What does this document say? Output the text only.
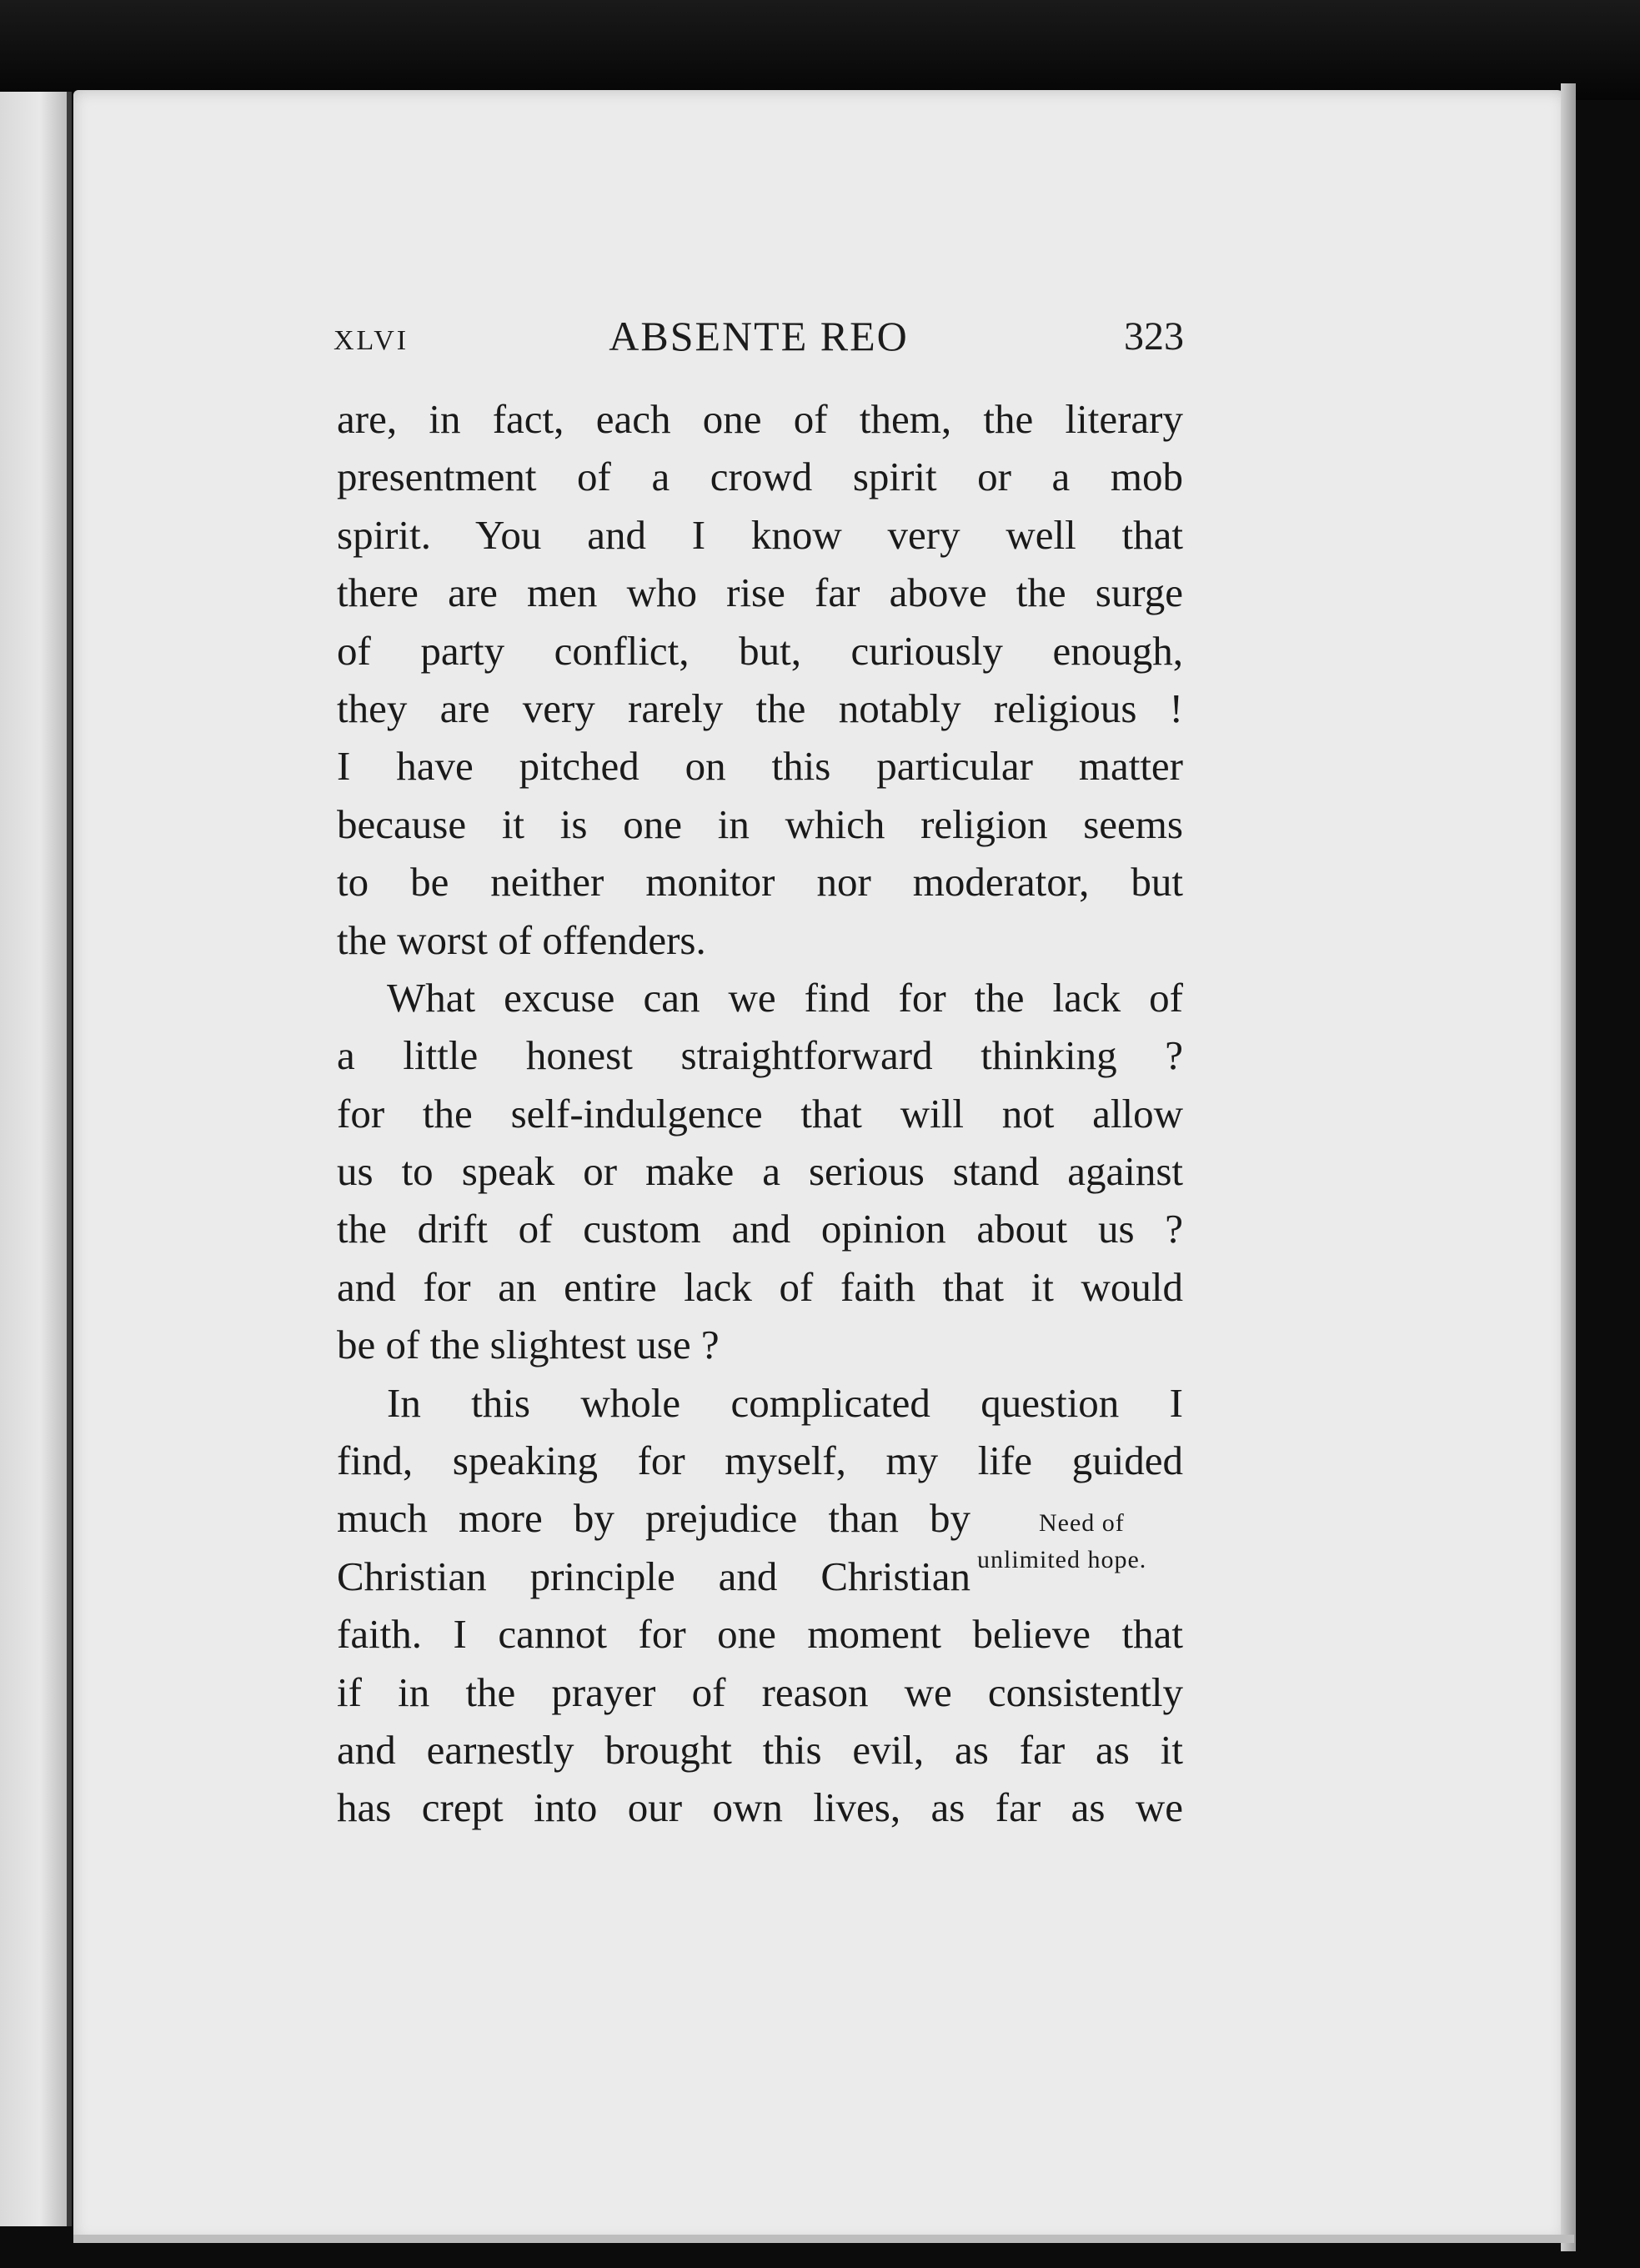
XLVI	ABSENTE REO	323
are, in fact, each one of them, the literary
presentment of a crowd spirit or a mob
spirit. You and I know very well that
there are men who rise far above the surge
of party conflict, but, curiously enough,
they are very rarely the notably religious !
I have pitched on this particular matter
because it is one in which religion seems
to be neither monitor nor moderator, but
the worst of offenders.
What excuse can we find for the lack of
a little honest straightforward thinking ?
for the self-indulgence that will not allow
us to speak or make a serious stand against
the drift of custom and opinion about us ?
and for an entire lack of faith that it would
be of the slightest use ?
In this whole complicated question I
find, speaking for myself, my life guided
much more by prejudice than by
Christian principle and Christian
faith. I cannot for one moment believe that
if in the prayer of reason we consistently
and earnestly brought this evil, as far as it
has crept into our own lives, as far as we
Need of
unlimited hope.
